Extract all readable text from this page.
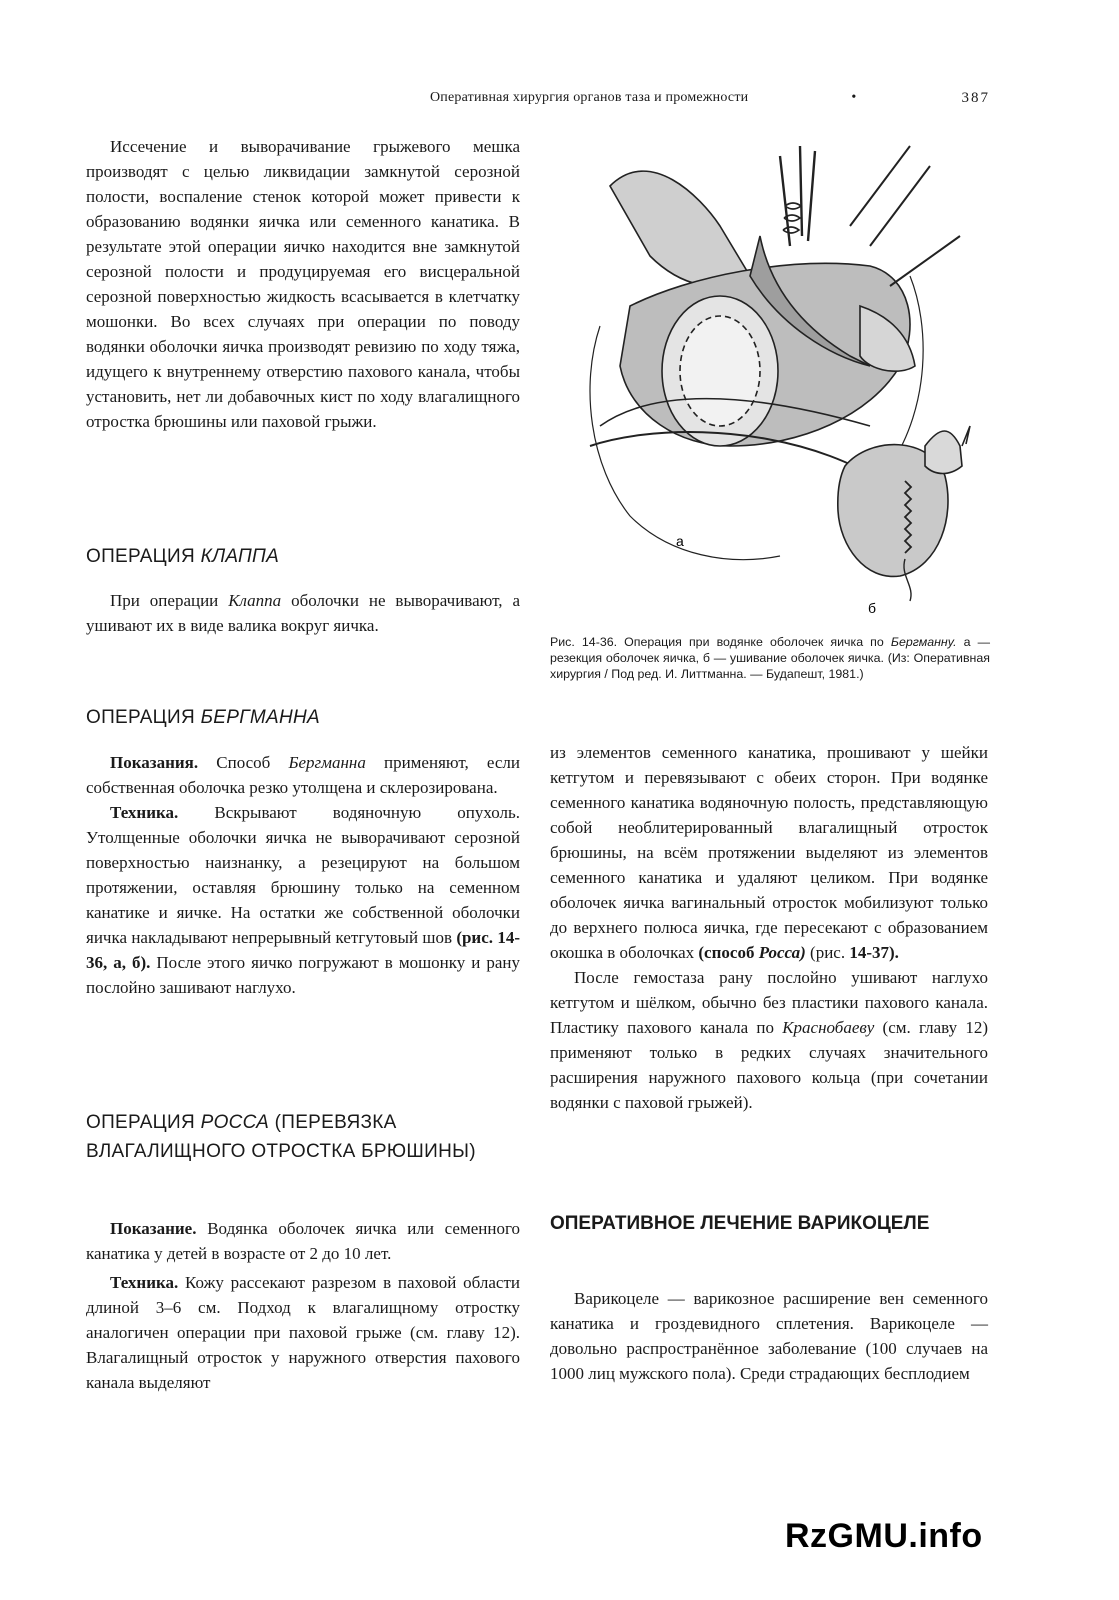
Оперативная хирургия органов таза и промежности	•	387

Иссечение и выворачивание грыжевого мешка производят с целью ликвидации замкнутой серозной полости, воспаление стенок которой может привести к образованию водянки яичка или семенного канатика. В результате этой операции яичко находится вне замкнутой серозной полости и продуцируемая его висцеральной серозной поверхностью жидкость всасывается в клетчатку мошонки. Во всех случаях при операции по поводу водянки оболочки яичка производят ревизию по ходу тяжа, идущего к внутреннему отверстию пахового канала, чтобы установить, нет ли добавочных кист по ходу влагалищного отростка брюшины или паховой грыжи.

ОПЕРАЦИЯ КЛАППА

При операции Клаппа оболочки не выворачивают, а ушивают их в виде валика вокруг яичка.

ОПЕРАЦИЯ БЕРГМАННА

Показания. Способ Бергманна применяют, если собственная оболочка резко утолщена и склерозирована.

Техника. Вскрывают водяночную опухоль. Утолщенные оболочки яичка не выворачивают серозной поверхностью наизнанку, а резецируют на большом протяжении, оставляя брюшину только на семенном канатике и яичке. На остатки же собственной оболочки яичка накладывают непрерывный кетгутовый шов (рис. 14-36, а, б). После этого яичко погружают в мошонку и рану послойно зашивают наглухо.

ОПЕРАЦИЯ РОССА (ПЕРЕВЯЗКА ВЛАГАЛИЩНОГО ОТРОСТКА БРЮШИНЫ)

Показание. Водянка оболочек яичка или семенного канатика у детей в возрасте от 2 до 10 лет.

Техника. Кожу рассекают разрезом в паховой области длиной 3–6 см. Подход к влагалищному отростку аналогичен операции при паховой грыже (см. главу 12). Влагалищный отросток у наружного отверстия пахового канала выделяют

а
б
Рис. 14-36. Операция при водянке оболочек яичка по Бергманну. а — резекция оболочек яичка, б — ушивание оболочек яичка. (Из: Оперативная хирургия / Под ред. И. Литтманна. — Будапешт, 1981.)

из элементов семенного канатика, прошивают у шейки кетгутом и перевязывают с обеих сторон. При водянке семенного канатика водяночную полость, представляющую собой необлитерированный влагалищный отросток брюшины, на всём протяжении выделяют из элементов семенного канатика и удаляют целиком. При водянке оболочек яичка вагинальный отросток мобилизуют только до верхнего полюса яичка, где пересекают с образованием окошка в оболочках (способ Росса) (рис. 14-37).

После гемостаза рану послойно ушивают наглухо кетгутом и шёлком, обычно без пластики пахового канала. Пластику пахового канала по Краснобаеву (см. главу 12) применяют только в редких случаях значительного расширения наружного пахового кольца (при сочетании водянки с паховой грыжей).

ОПЕРАТИВНОЕ ЛЕЧЕНИЕ ВАРИКОЦЕЛЕ

Варикоцеле — варикозное расширение вен семенного канатика и гроздевидного сплетения. Варикоцеле — довольно распространённое заболевание (100 случаев на 1000 лиц мужского пола). Среди страдающих бесплодием

RzGMU.info
